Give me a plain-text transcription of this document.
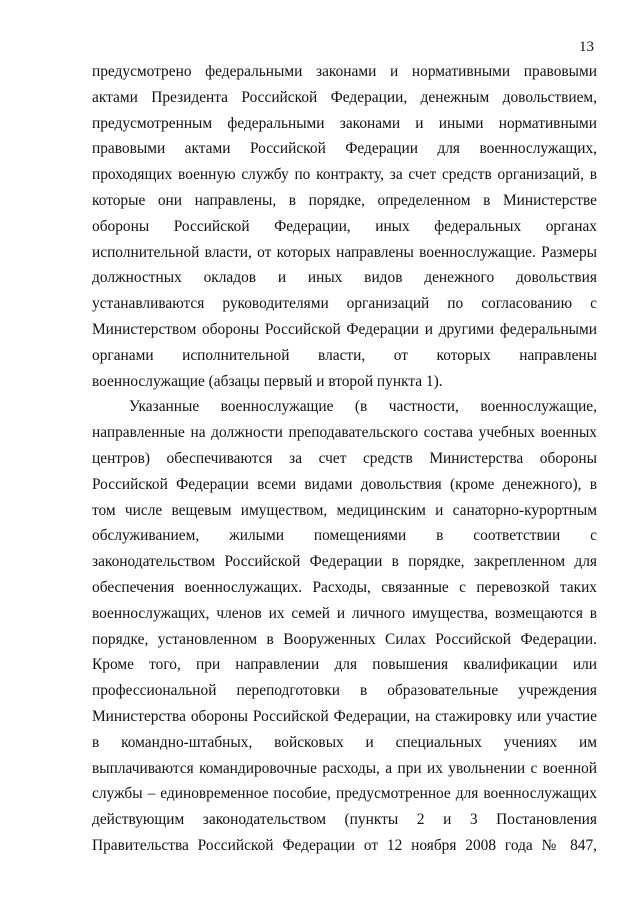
13
предусмотрено федеральными законами и нормативными правовыми
актами Президента Российской Федерации, денежным довольствием,
предусмотренным федеральными законами и иными нормативными
правовыми актами Российской Федерации для военнослужащих,
проходящих военную службу по контракту, за счет средств организаций, в
которые они направлены, в порядке, определенном в Министерстве
обороны Российской Федерации, иных федеральных органах
исполнительной власти, от которых направлены военнослужащие. Размеры
должностных окладов и иных видов денежного довольствия
устанавливаются руководителями организаций по согласованию с
Министерством обороны Российской Федерации и другими федеральными
органами исполнительной власти, от которых направлены
военнослужащие (абзацы первый и второй пункта 1).
Указанные военнослужащие (в частности, военнослужащие,
направленные на должности преподавательского состава учебных военных
центров) обеспечиваются за счет средств Министерства обороны
Российской Федерации всеми видами довольствия (кроме денежного), в
том числе вещевым имуществом, медицинским и санаторно-курортным
обслуживанием, жилыми помещениями в соответствии с
законодательством Российской Федерации в порядке, закрепленном для
обеспечения военнослужащих. Расходы, связанные с перевозкой таких
военнослужащих, членов их семей и личного имущества, возмещаются в
порядке, установленном в Вооруженных Силах Российской Федерации.
Кроме того, при направлении для повышения квалификации или
профессиональной переподготовки в образовательные учреждения
Министерства обороны Российской Федерации, на стажировку или участие
в командно-штабных, войсковых и специальных учениях им
выплачиваются командировочные расходы, а при их увольнении с военной
службы – единовременное пособие, предусмотренное для военнослужащих
действующим законодательством (пункты 2 и 3 Постановления
Правительства Российской Федерации от 12 ноября 2008 года № 847,
